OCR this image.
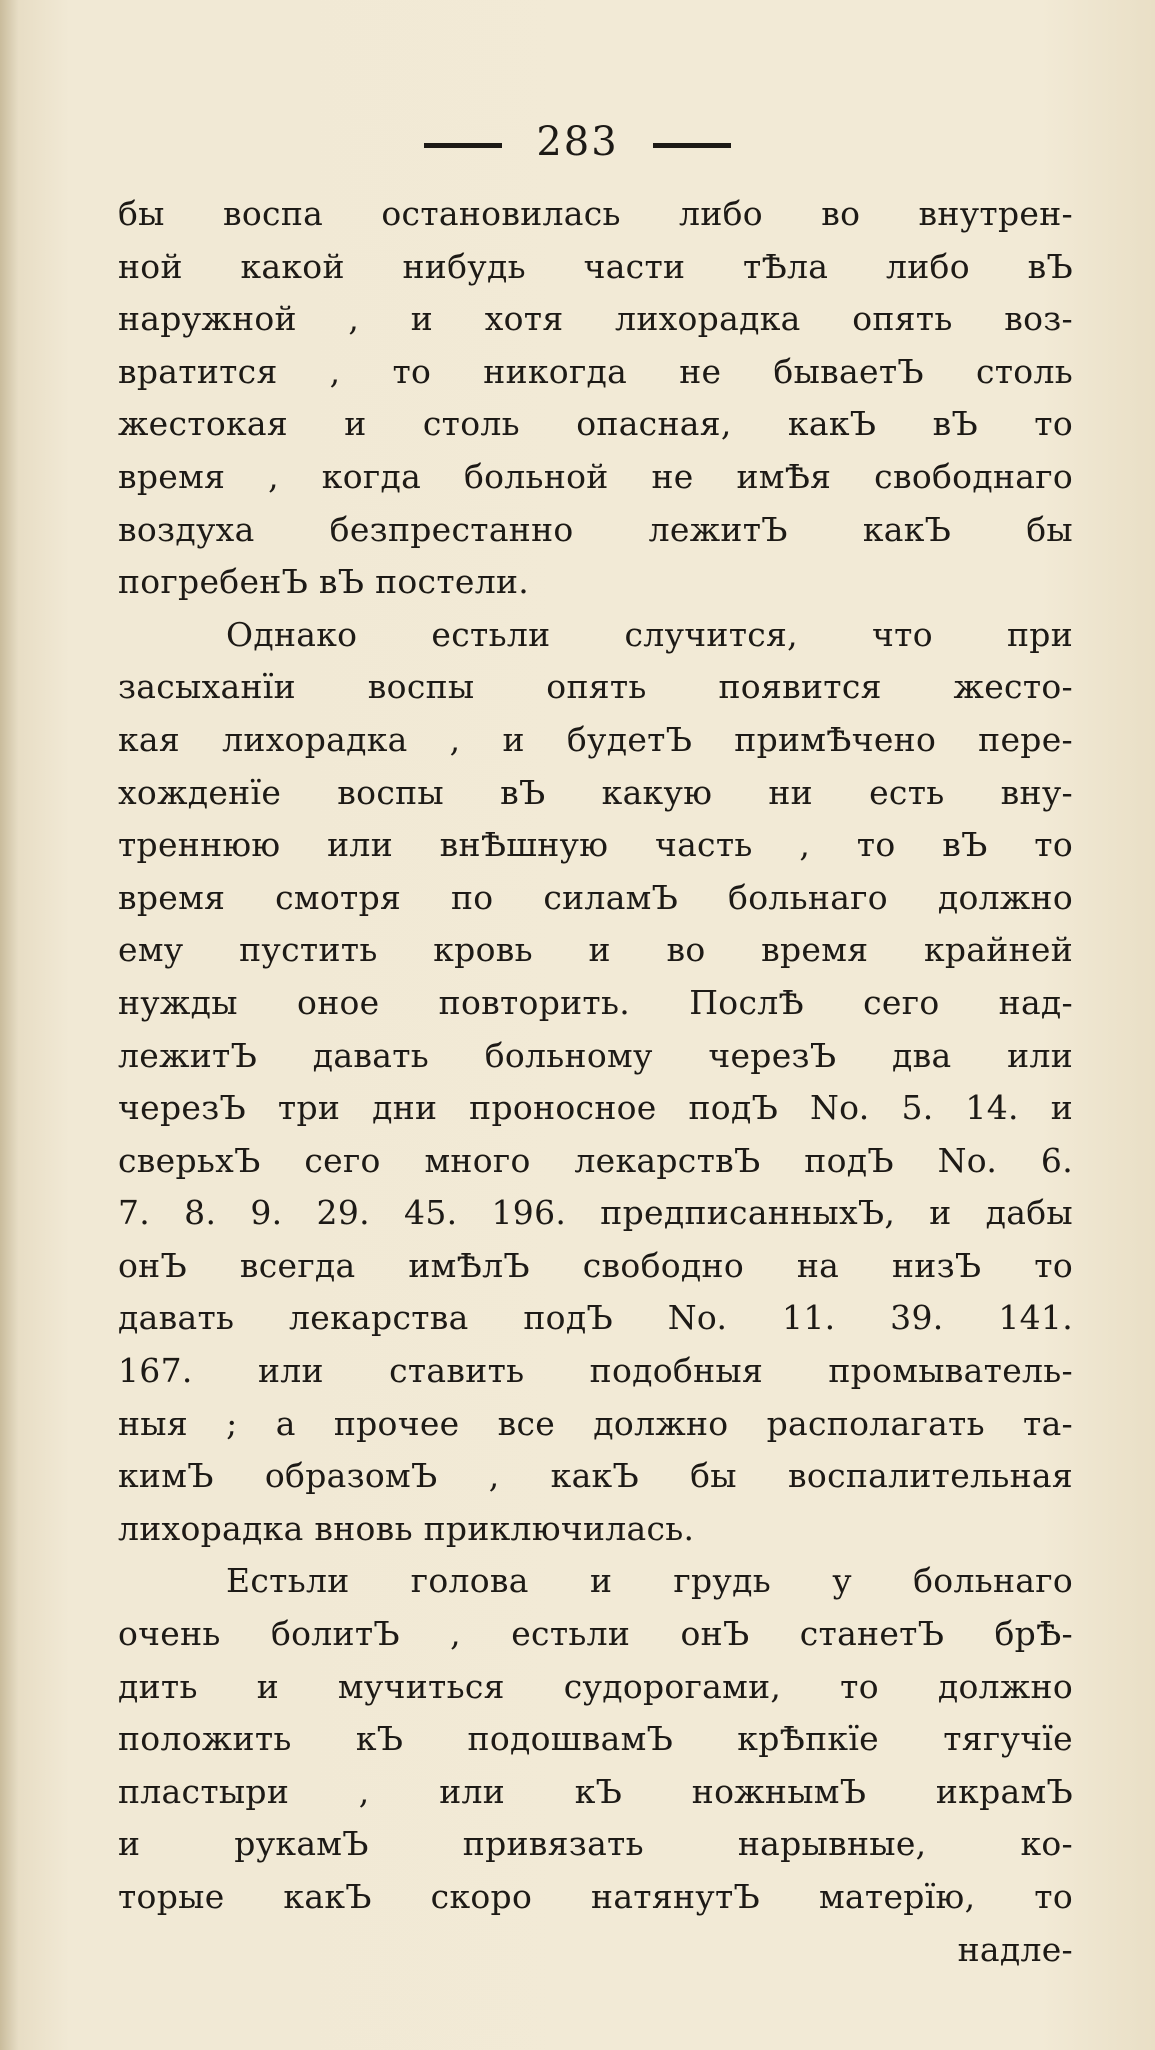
283
бы воспа остановилась либо во внутрен-
ной какой нибудь части тѢла либо вЪ
наружной , и хотя лихорадка опять воз-
вратится , то никогда не бываетЪ столь
жестокая и столь опасная, какЪ вЪ то
время , когда больной не имѢя свободнаго
воздуха безпрестанно лежитЪ какЪ бы
погребенЪ вЪ постели.
Однако естьли случится, что при
засыханїи воспы опять появится жесто-
кая лихорадка , и будетЪ примѢчено пере-
хожденїе воспы вЪ какую ни есть вну-
треннюю или внѢшную часть , то вЪ то
время смотря по силамЪ больнаго должно
ему пустить кровь и во время крайней
нужды оное повторить. ПослѢ сего над-
лежитЪ давать больному черезЪ два или
черезЪ три дни проносное подЪ No. 5. 14. и
сверьхЪ сего много лекарствЪ подЪ No. 6.
7. 8. 9. 29. 45. 196. предписанныхЪ, и дабы
онЪ всегда имѢлЪ свободно на низЪ то
давать лекарства подЪ No. 11. 39. 141.
167. или ставить подобныя промыватель-
ныя ; а прочее все должно располагать та-
кимЪ образомЪ , какЪ бы воспалительная
лихорадка вновь приключилась.
Естьли голова и грудь у больнаго
очень болитЪ , естьли онЪ станетЪ брѢ-
дить и мучиться судорогами, то должно
положить кЪ подошвамЪ крѢпкїе тягучїе
пластыри , или кЪ ножнымЪ икрамЪ
и рукамЪ привязать нарывные, ко-
торые какЪ скоро натянутЪ матерїю, то
надле-
